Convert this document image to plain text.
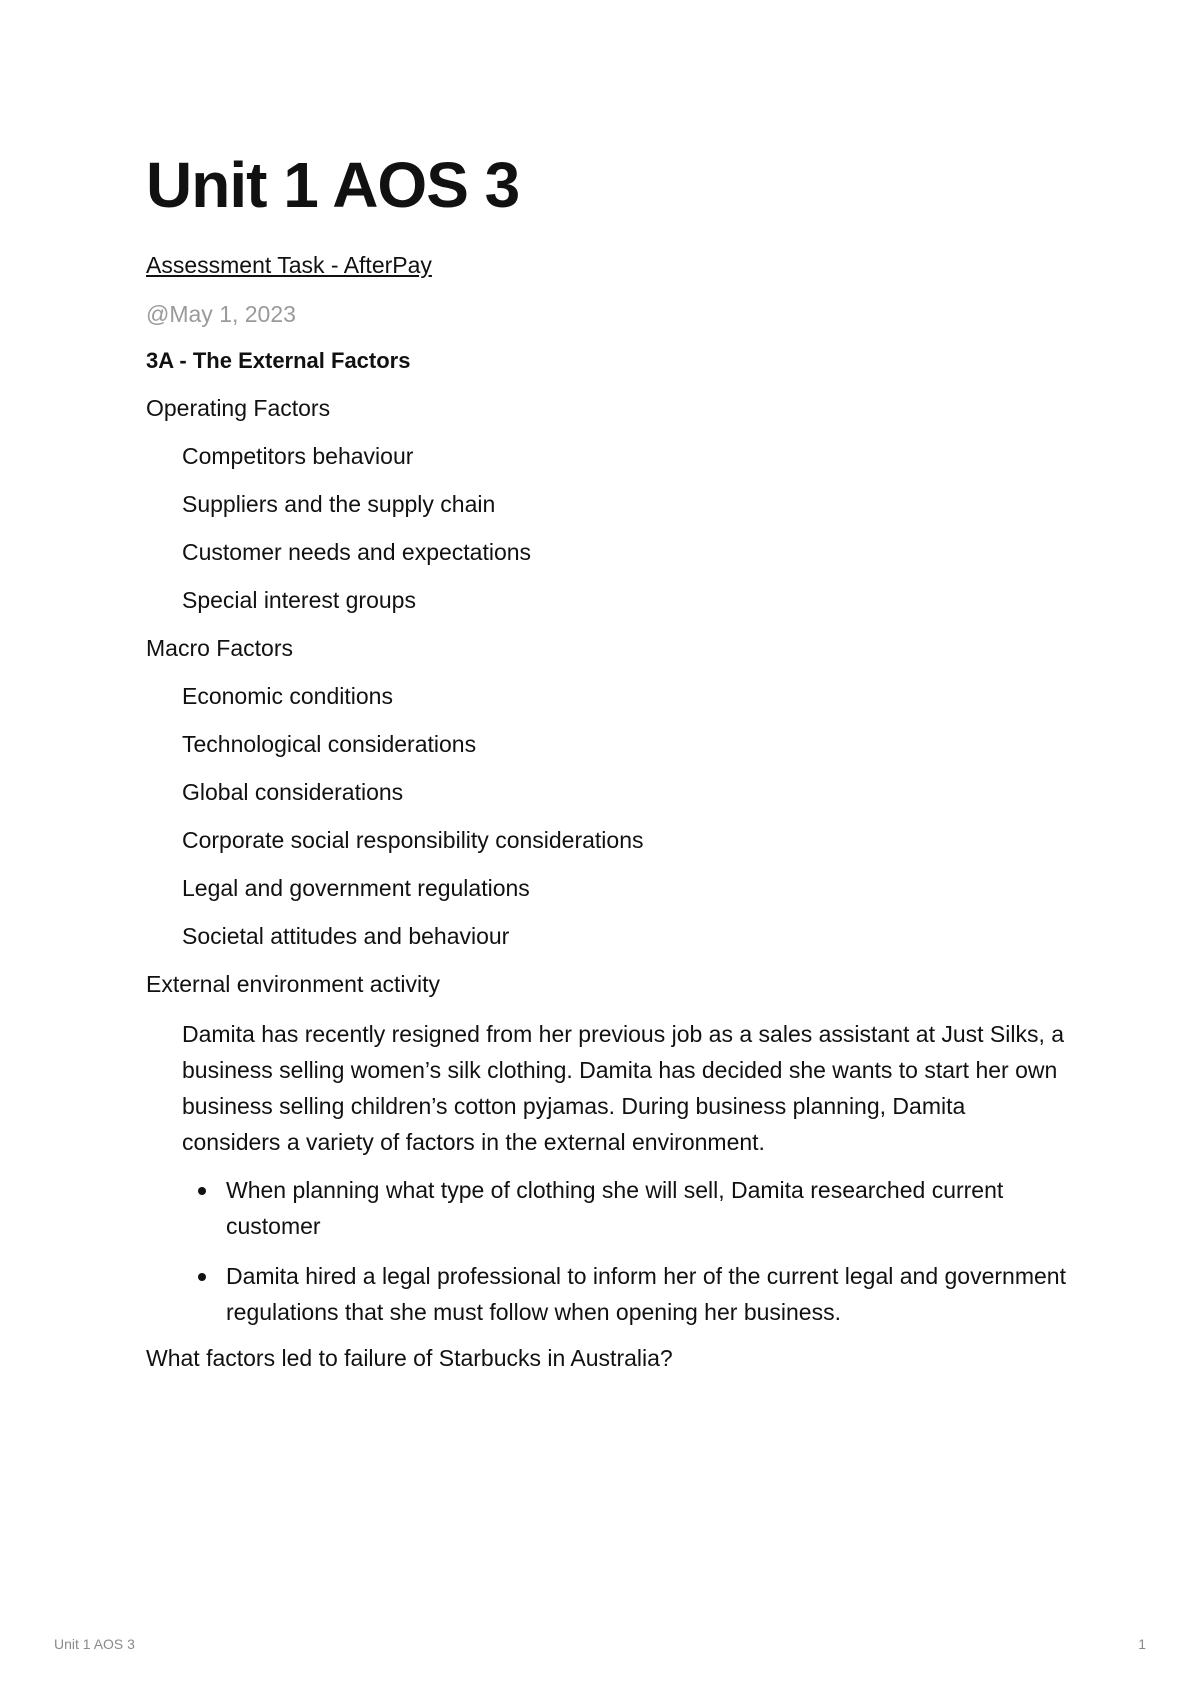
Unit 1 AOS 3
Assessment Task - AfterPay
@May 1, 2023
3A - The External Factors
Operating Factors
Competitors behaviour
Suppliers and the supply chain
Customer needs and expectations
Special interest groups
Macro Factors
Economic conditions
Technological considerations
Global considerations
Corporate social responsibility considerations
Legal and government regulations
Societal attitudes and behaviour
External environment activity
Damita has recently resigned from her previous job as a sales assistant at Just Silks, a business selling women’s silk clothing. Damita has decided she wants to start her own business selling children’s cotton pyjamas. During business planning, Damita considers a variety of factors in the external environment.
When planning what type of clothing she will sell, Damita researched current customer
Damita hired a legal professional to inform her of the current legal and government regulations that she must follow when opening her business.
What factors led to failure of Starbucks in Australia?
Unit 1 AOS 3	1
